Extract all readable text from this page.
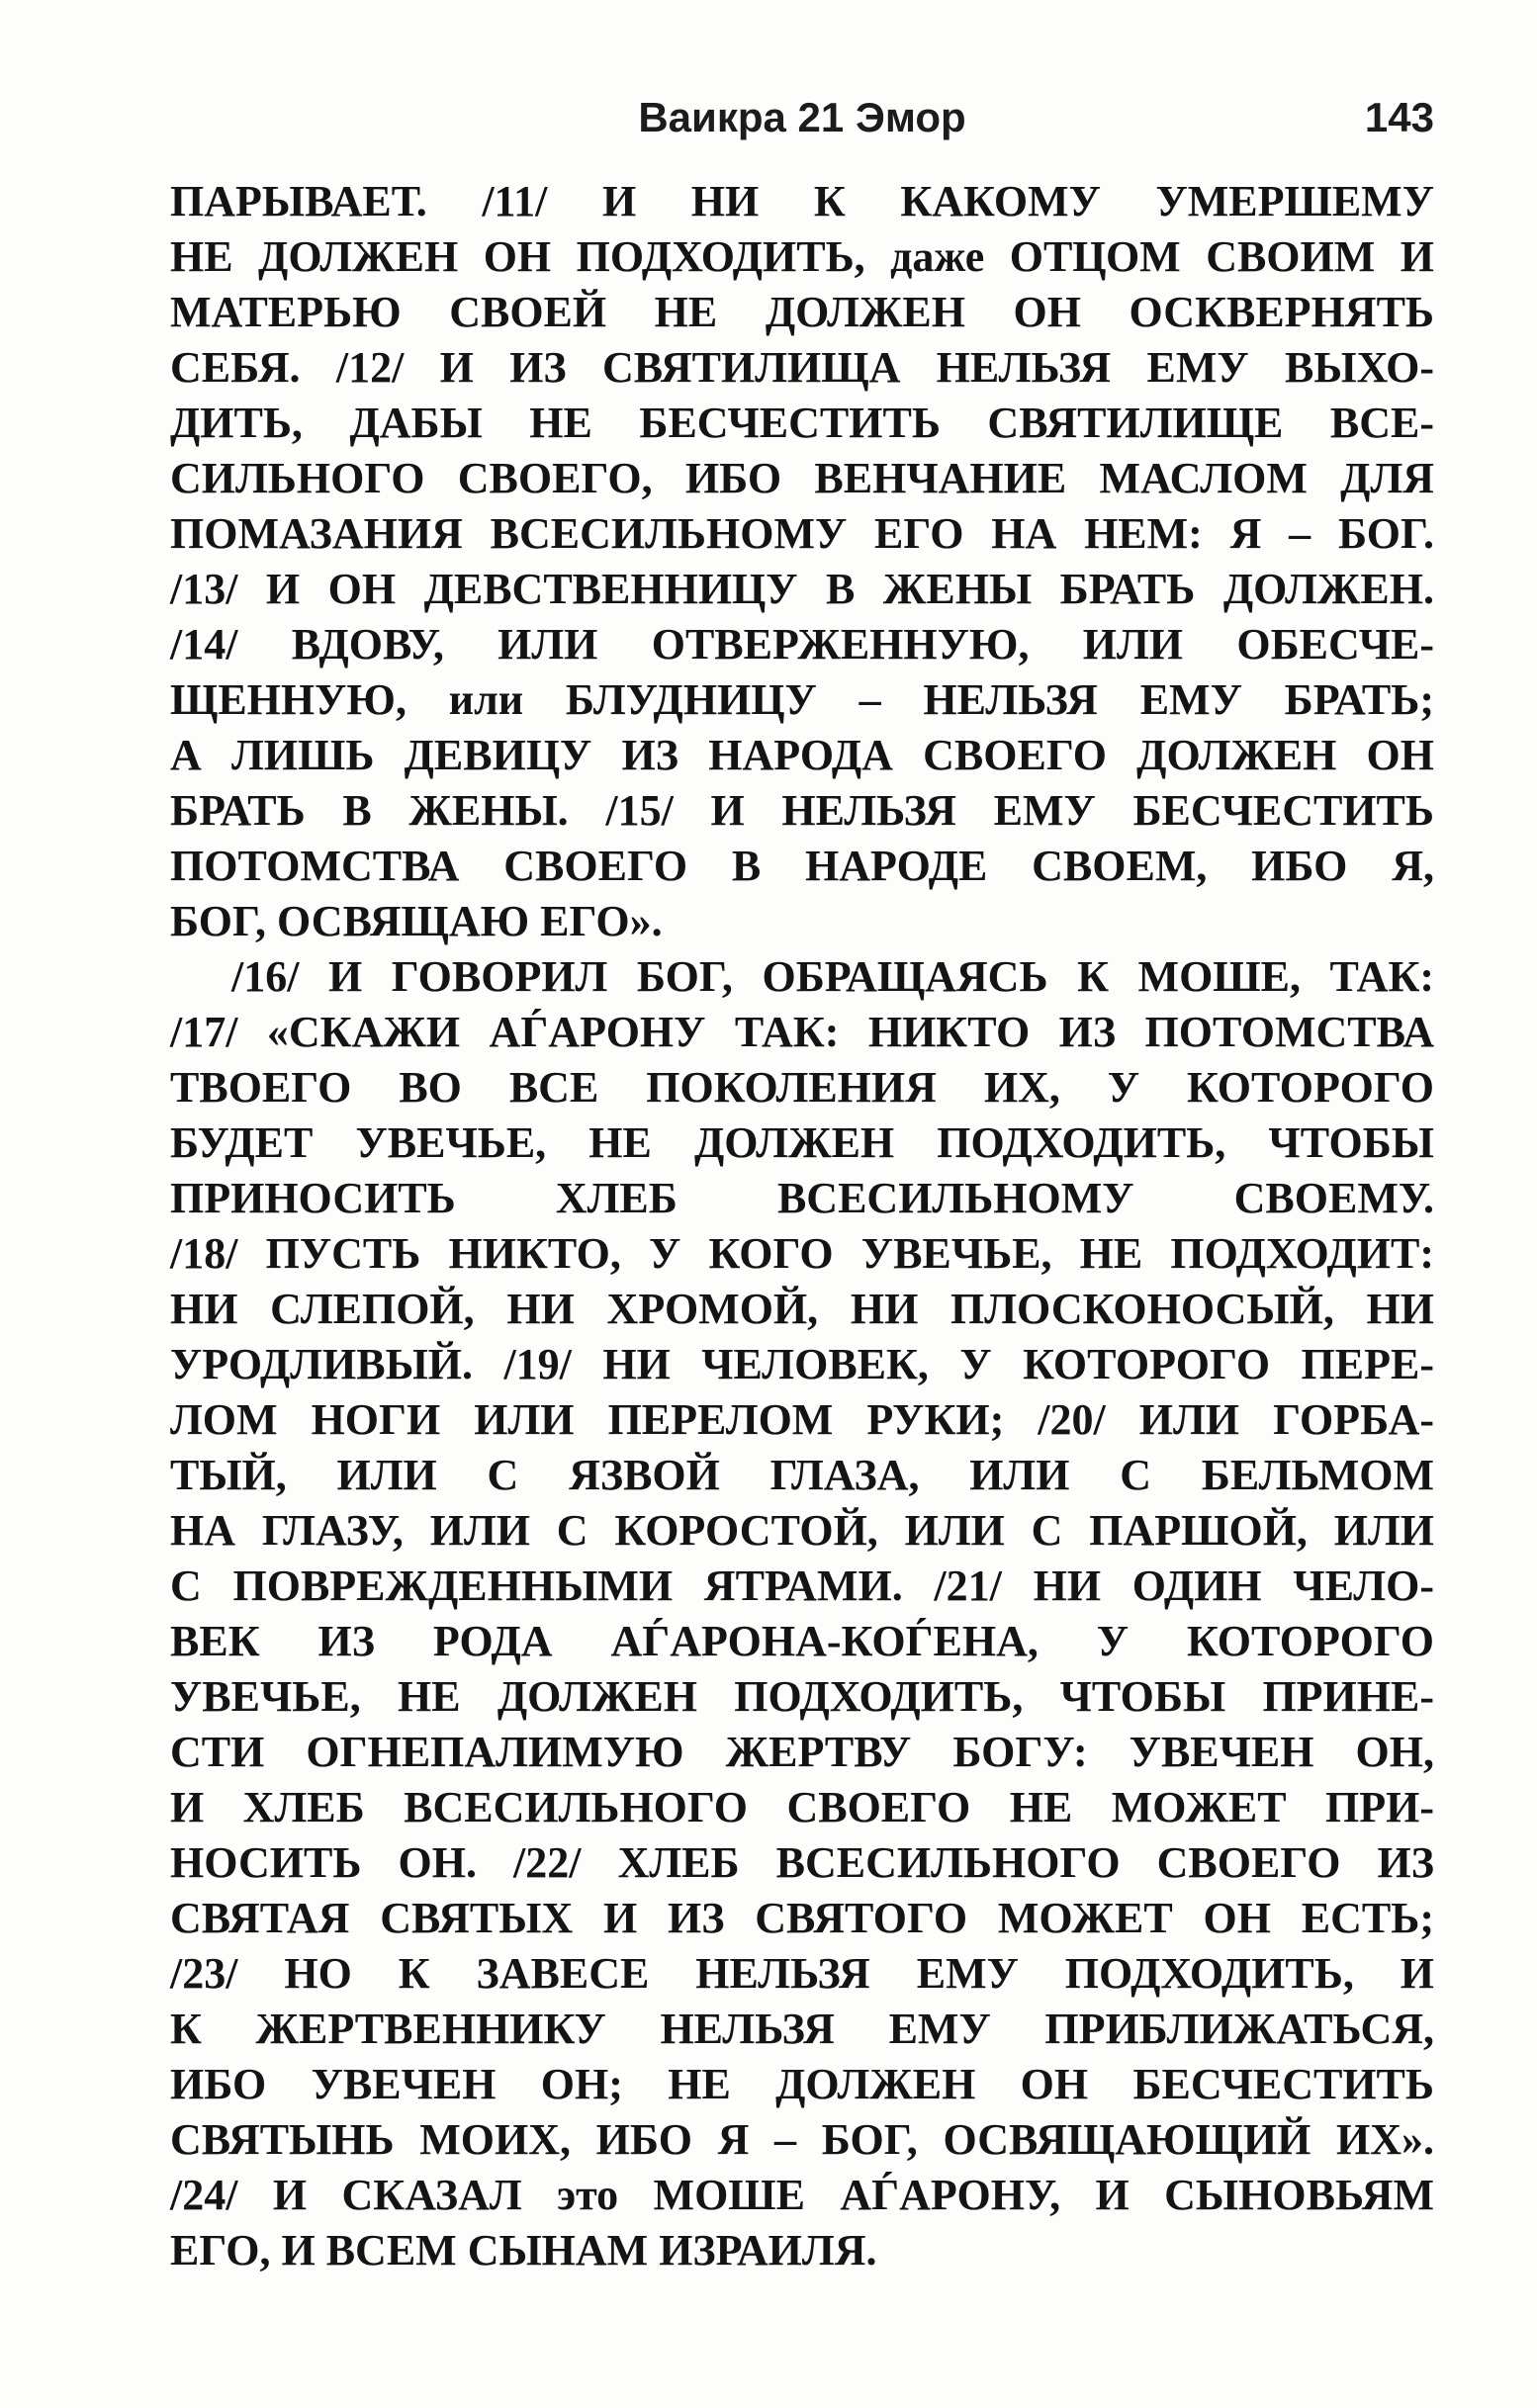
Ваикра 21 Эмор	143
ПАРЫВАЕТ. /11/ И НИ К КАКОМУ УМЕРШЕМУ
НЕ ДОЛЖЕН ОН ПОДХОДИТЬ, даже ОТЦОМ СВОИМ И
МАТЕРЬЮ СВОЕЙ НЕ ДОЛЖЕН ОН ОСКВЕРНЯТЬ
СЕБЯ. /12/ И ИЗ СВЯТИЛИЩА НЕЛЬЗЯ ЕМУ ВЫХО-
ДИТЬ, ДАБЫ НЕ БЕСЧЕСТИТЬ СВЯТИЛИЩЕ ВСЕ-
СИЛЬНОГО СВОЕГО, ИБО ВЕНЧАНИЕ МАСЛОМ ДЛЯ
ПОМАЗАНИЯ ВСЕСИЛЬНОМУ ЕГО НА НЕМ: Я – БОГ.
/13/ И ОН ДЕВСТВЕННИЦУ В ЖЕНЫ БРАТЬ ДОЛЖЕН.
/14/ ВДОВУ, ИЛИ ОТВЕРЖЕННУЮ, ИЛИ ОБЕСЧЕ-
ЩЕННУЮ, или БЛУДНИЦУ – НЕЛЬЗЯ ЕМУ БРАТЬ;
А ЛИШЬ ДЕВИЦУ ИЗ НАРОДА СВОЕГО ДОЛЖЕН ОН
БРАТЬ В ЖЕНЫ. /15/ И НЕЛЬЗЯ ЕМУ БЕСЧЕСТИТЬ
ПОТОМСТВА СВОЕГО В НАРОДЕ СВОЕМ, ИБО Я,
БОГ, ОСВЯЩАЮ ЕГО».
/16/ И ГОВОРИЛ БОГ, ОБРАЩАЯСЬ К МОШЕ, ТАК:
/17/ «СКАЖИ АЃАРОНУ ТАК: НИКТО ИЗ ПОТОМСТВА
ТВОЕГО ВО ВСЕ ПОКОЛЕНИЯ ИХ, У КОТОРОГО
БУДЕТ УВЕЧЬЕ, НЕ ДОЛЖЕН ПОДХОДИТЬ, ЧТОБЫ
ПРИНОСИТЬ ХЛЕБ ВСЕСИЛЬНОМУ СВОЕМУ.
/18/ ПУСТЬ НИКТО, У КОГО УВЕЧЬЕ, НЕ ПОДХОДИТ:
НИ СЛЕПОЙ, НИ ХРОМОЙ, НИ ПЛОСКОНОСЫЙ, НИ
УРОДЛИВЫЙ. /19/ НИ ЧЕЛОВЕК, У КОТОРОГО ПЕРЕ-
ЛОМ НОГИ ИЛИ ПЕРЕЛОМ РУКИ; /20/ ИЛИ ГОРБА-
ТЫЙ, ИЛИ С ЯЗВОЙ ГЛАЗА, ИЛИ С БЕЛЬМОМ
НА ГЛАЗУ, ИЛИ С КОРОСТОЙ, ИЛИ С ПАРШОЙ, ИЛИ
С ПОВРЕЖДЕННЫМИ ЯТРАМИ. /21/ НИ ОДИН ЧЕЛО-
ВЕК ИЗ РОДА АЃАРОНА-КОЃЕНА, У КОТОРОГО
УВЕЧЬЕ, НЕ ДОЛЖЕН ПОДХОДИТЬ, ЧТОБЫ ПРИНЕ-
СТИ ОГНЕПАЛИМУЮ ЖЕРТВУ БОГУ: УВЕЧЕН ОН,
И ХЛЕБ ВСЕСИЛЬНОГО СВОЕГО НЕ МОЖЕТ ПРИ-
НОСИТЬ ОН. /22/ ХЛЕБ ВСЕСИЛЬНОГО СВОЕГО ИЗ
СВЯТАЯ СВЯТЫХ И ИЗ СВЯТОГО МОЖЕТ ОН ЕСТЬ;
/23/ НО К ЗАВЕСЕ НЕЛЬЗЯ ЕМУ ПОДХОДИТЬ, И
К ЖЕРТВЕННИКУ НЕЛЬЗЯ ЕМУ ПРИБЛИЖАТЬСЯ,
ИБО УВЕЧЕН ОН; НЕ ДОЛЖЕН ОН БЕСЧЕСТИТЬ
СВЯТЫНЬ МОИХ, ИБО Я – БОГ, ОСВЯЩАЮЩИЙ ИХ».
/24/ И СКАЗАЛ это МОШЕ АЃАРОНУ, И СЫНОВЬЯМ
ЕГО, И ВСЕМ СЫНАМ ИЗРАИЛЯ.
